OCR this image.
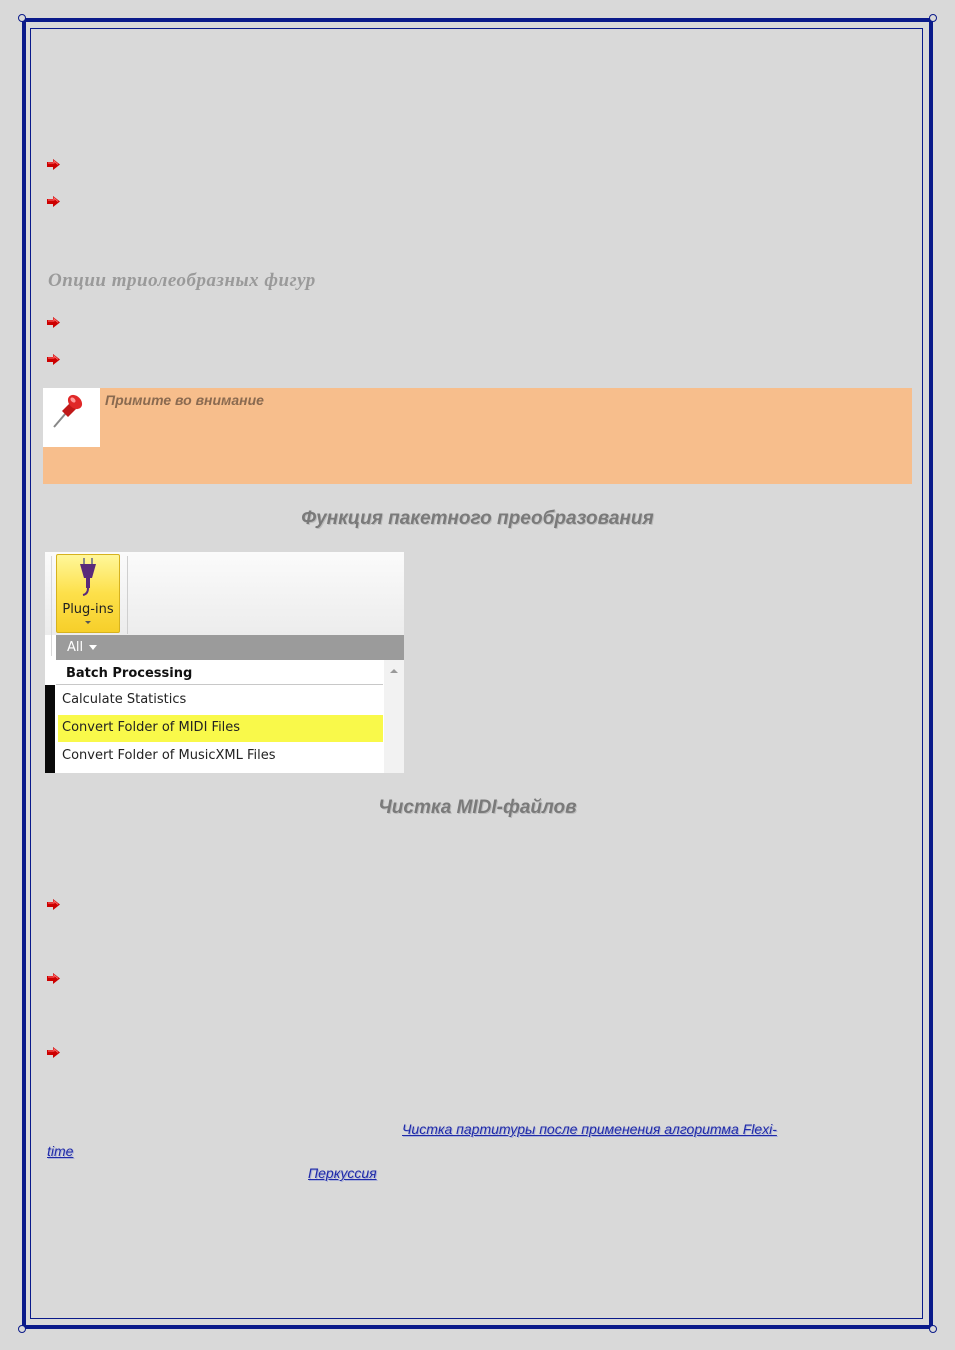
Опции триолеобразных фигур
Примите во внимание
Функция пакетного преобразования
Plug-ins
All
Batch Processing
Calculate Statistics
Convert Folder of MIDI Files
Convert Folder of MusicXML Files
Чистка MIDI-файлов
Чистка партитуры после применения алгоритма Flexi-
time
Перкуссия
